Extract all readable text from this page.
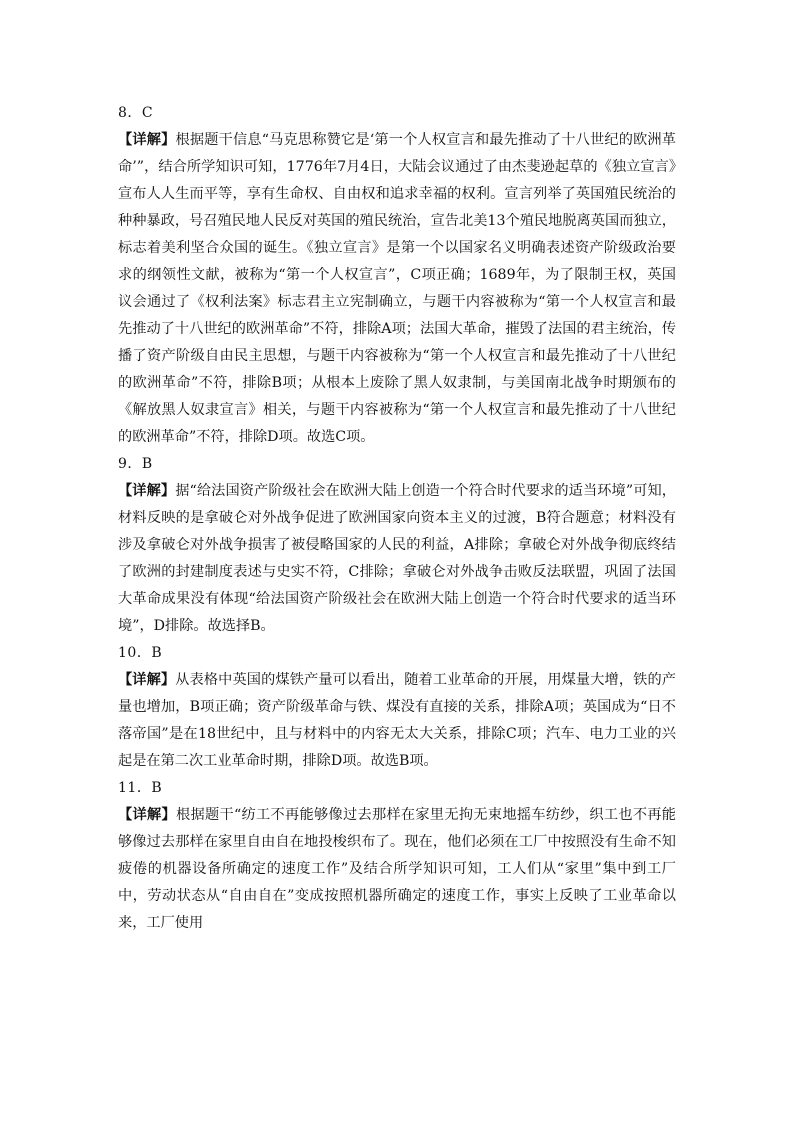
8．C

【详解】根据题干信息“马克思称赞它是‘第一个人权宣言和最先推动了十八世纪的欧洲革命’”，结合所学知识可知，1776年7月4日，大陆会议通过了由杰斐逊起草的《独立宣言》宣布人人生而平等，享有生命权、自由权和追求幸福的权利。宣言列举了英国殖民统治的种种暴政，号召殖民地人民反对英国的殖民统治，宣告北美13个殖民地脱离英国而独立，标志着美利坚合众国的诞生。《独立宣言》是第一个以国家名义明确表述资产阶级政治要求的纲领性文献，被称为“第一个人权宣言”，C项正确；1689年，为了限制王权，英国议会通过了《权利法案》标志君主立宪制确立，与题干内容被称为“第一个人权宣言和最先推动了十八世纪的欧洲革命”不符，排除A项；法国大革命，摧毁了法国的君主统治，传播了资产阶级自由民主思想，与题干内容被称为“第一个人权宣言和最先推动了十八世纪的欧洲革命”不符，排除B项；从根本上废除了黑人奴隶制，与美国南北战争时期颁布的《解放黑人奴隶宣言》相关，与题干内容被称为“第一个人权宣言和最先推动了十八世纪的欧洲革命”不符，排除D项。故选C项。

9．B

【详解】据“给法国资产阶级社会在欧洲大陆上创造一个符合时代要求的适当环境”可知，材料反映的是拿破仑对外战争促进了欧洲国家向资本主义的过渡，B符合题意；材料没有涉及拿破仑对外战争损害了被侵略国家的人民的利益，A排除；拿破仑对外战争彻底终结了欧洲的封建制度表述与史实不符，C排除；拿破仑对外战争击败反法联盟，巩固了法国大革命成果没有体现“给法国资产阶级社会在欧洲大陆上创造一个符合时代要求的适当环境”，D排除。故选择B。

10．B

【详解】从表格中英国的煤铁产量可以看出，随着工业革命的开展，用煤量大增，铁的产量也增加，B项正确；资产阶级革命与铁、煤没有直接的关系，排除A项；英国成为“日不落帝国”是在18世纪中，且与材料中的内容无太大关系，排除C项；汽车、电力工业的兴起是在第二次工业革命时期，排除D项。故选B项。

11．B

【详解】根据题干“纺工不再能够像过去那样在家里无拘无束地摇车纺纱，织工也不再能够像过去那样在家里自由自在地投梭织布了。现在，他们必须在工厂中按照没有生命不知疲倦的机器设备所确定的速度工作”及结合所学知识可知，工人们从“家里”集中到工厂中，劳动状态从“自由自在”变成按照机器所确定的速度工作，事实上反映了工业革命以来，工厂使用
